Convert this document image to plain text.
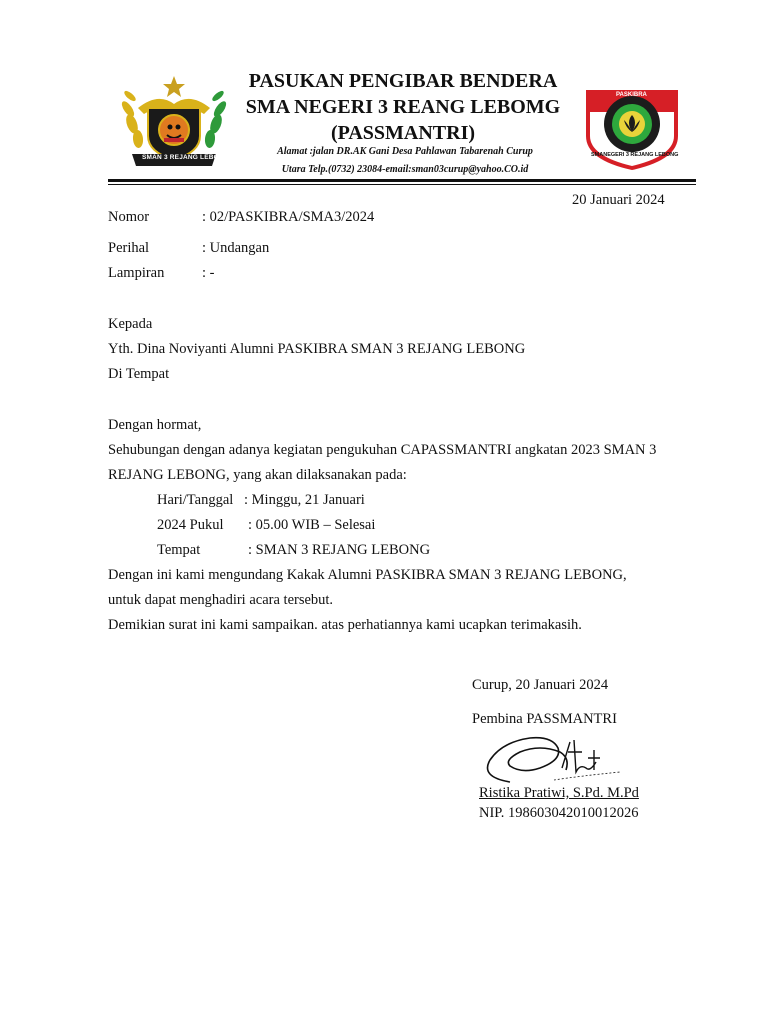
SMAN 3 REJANG LEBONG
PASKIBRA
SMANEGERI 3 REJANG LEBONG
PASUKAN PENGIBAR BENDERA
SMA NEGERI 3 REANG LEBOMG
(PASSMANTRI)
Alamat :jalan DR.AK Gani Desa Pahlawan Tabarenah Curup
Utara Telp.(0732) 23084-email:sman03curup@yahoo.CO.id
20 Januari 2024
Nomor	: 02/PASKIBRA/SMA3/2024
Perihal	: Undangan
Lampiran	: -
Kepada
Yth. Dina Noviyanti Alumni PASKIBRA SMAN 3 REJANG LEBONG
Di Tempat
Dengan hormat,
Sehubungan dengan adanya kegiatan pengukuhan CAPASSMANTRI angkatan 2023 SMAN 3
REJANG LEBONG, yang akan dilaksanakan pada:
Hari/Tanggal : Minggu, 21 Januari
2024 Pukul : 05.00 WIB – Selesai
Tempat	: SMAN 3 REJANG LEBONG
Dengan ini kami mengundang Kakak Alumni PASKIBRA SMAN 3 REJANG LEBONG,
untuk dapat menghadiri acara tersebut.
Demikian surat ini kami sampaikan. atas perhatiannya kami ucapkan terimakasih.
Curup, 20 Januari 2024
Pembina PASSMANTRI
Ristika Pratiwi, S.Pd. M.Pd
NIP. 198603042010012026
